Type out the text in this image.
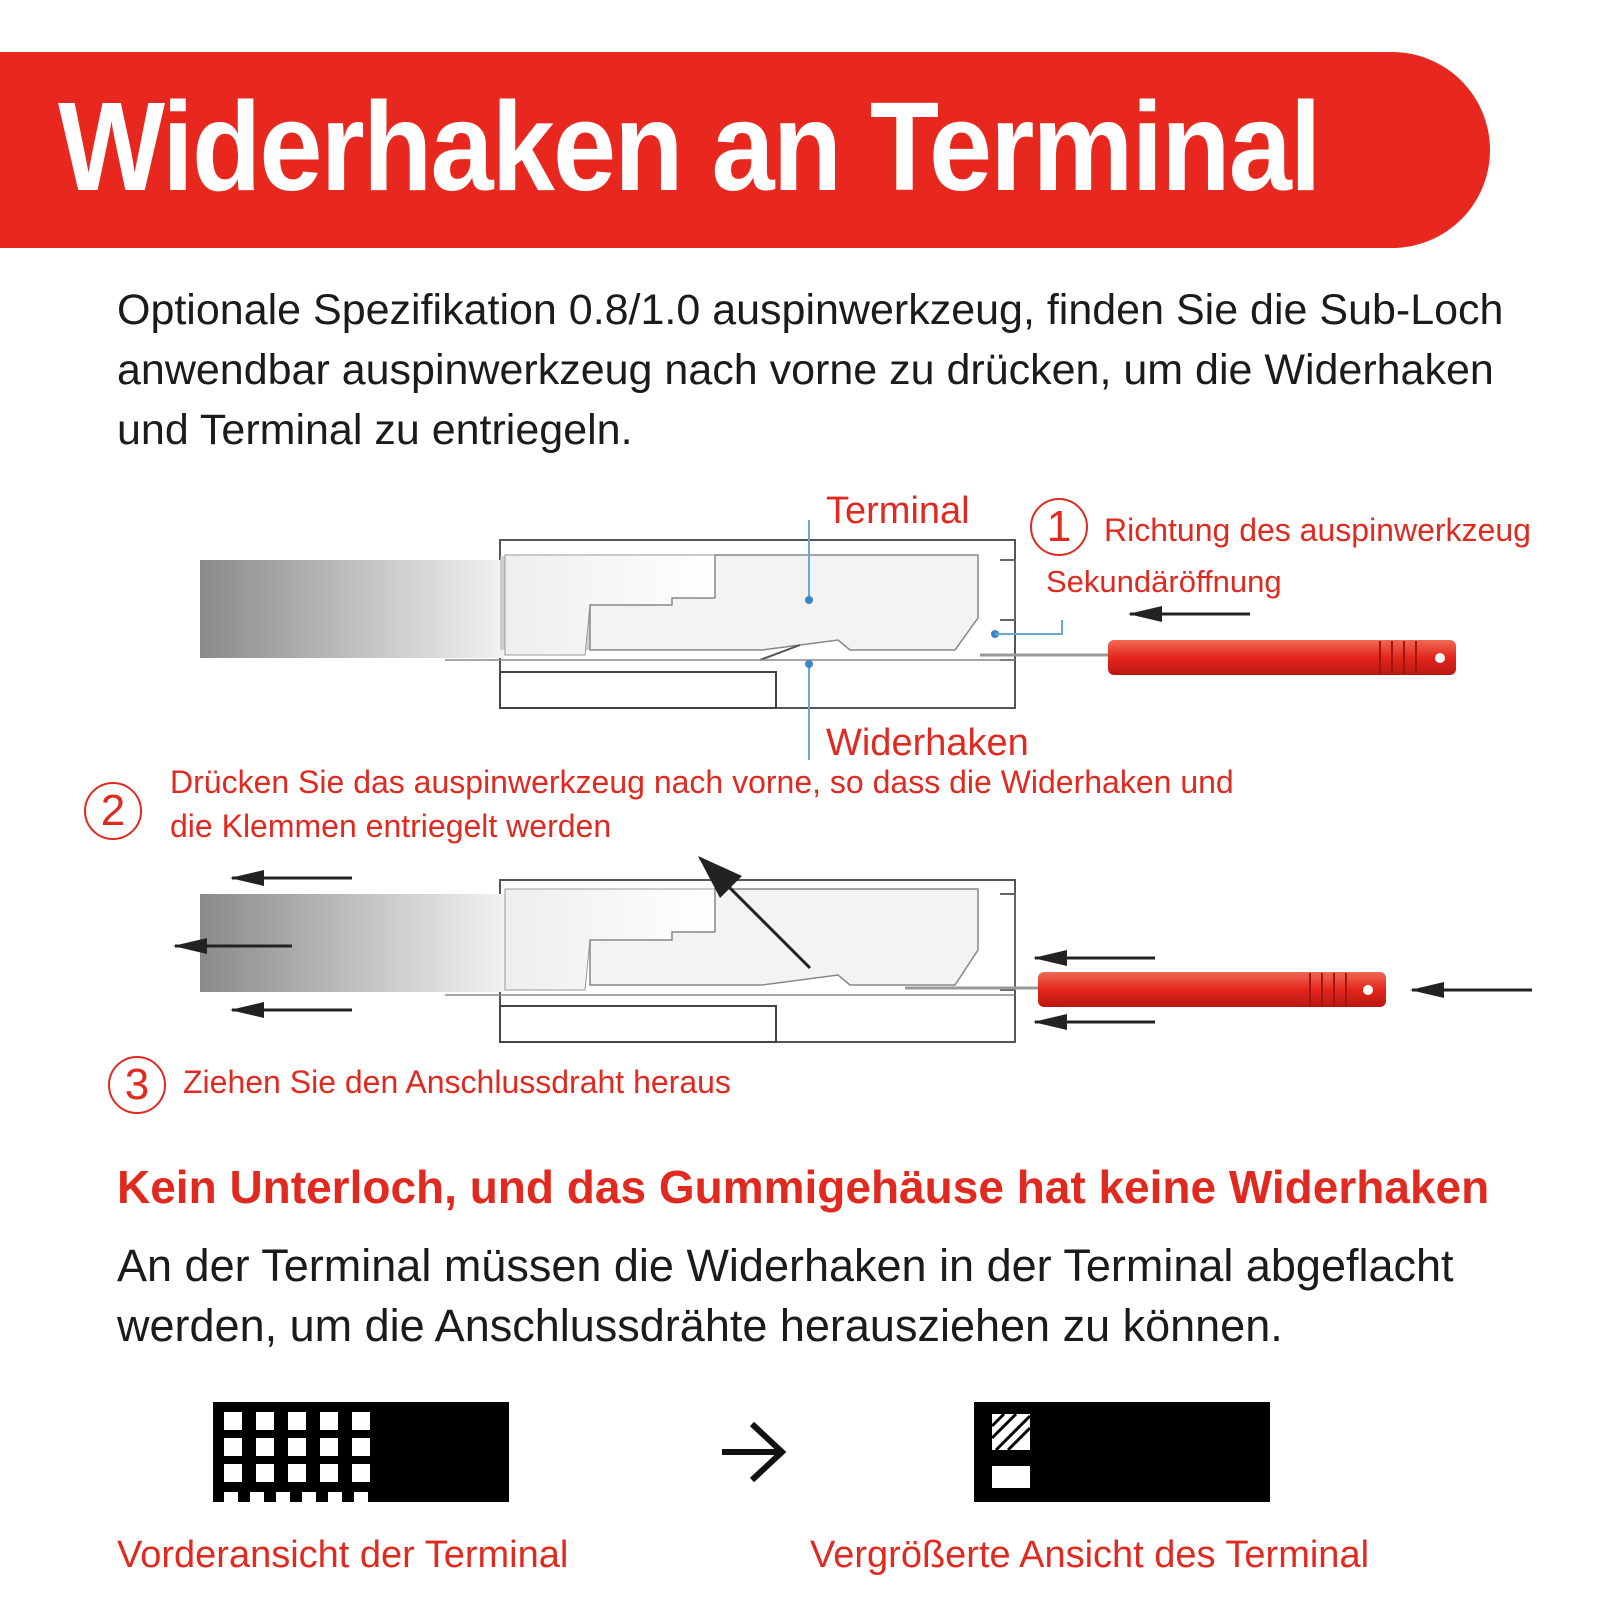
Widerhaken an Terminal

Optionale Spezifikation 0.8/1.0 auspinwerkzeug, finden Sie die Sub-Loch anwendbar auspinwerkzeug nach vorne zu drücken, um die Widerhaken und Terminal zu entriegeln.

Terminal
Widerhaken
1	Richtung des auspinwerkzeug
Sekundäröffnung
2
Drücken Sie das auspinwerkzeug nach vorne, so dass die Widerhaken und
die Klemmen entriegelt werden
3	Ziehen Sie den Anschlussdraht heraus
Kein Unterloch, und das Gummigehäuse hat keine Widerhaken

An der Terminal müssen die Widerhaken in der Terminal abgeflacht werden, um die Anschlussdrähte herausziehen zu können.

Vorderansicht der Terminal	Vergrößerte Ansicht des Terminal
